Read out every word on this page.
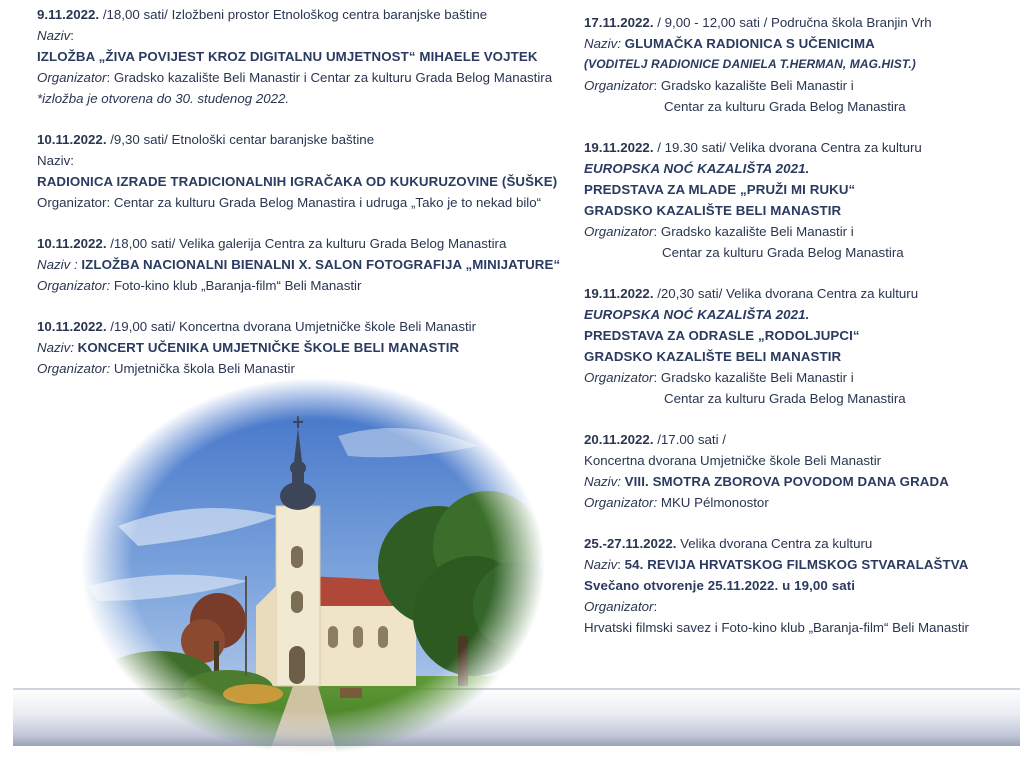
9.11.2022. /18,00 sati/ Izložbeni prostor Etnološkog centra baranjske baštine
Naziv:
IZLOŽBA „ŽIVA POVIJEST KROZ DIGITALNU UMJETNOST“ MIHAELE VOJTEK
Organizator: Gradsko kazalište Beli Manastir i Centar za kulturu Grada Belog Manastira
*izložba je otvorena do 30. studenog 2022.
10.11.2022. /9,30 sati/ Etnološki centar baranjske baštine
Naziv:
RADIONICA IZRADE TRADICIONALNIH IGRAČAKA OD KUKURUZOVINE (ŠUŠKE)
Organizator: Centar za kulturu Grada Belog Manastira i udruga „Tako je to nekad bilo“
10.11.2022. /18,00 sati/ Velika galerija Centra za kulturu Grada Belog Manastira
Naziv : IZLOŽBA NACIONALNI BIENALNI X. SALON FOTOGRAFIJA „MINIJATURE“
Organizator: Foto-kino klub „Baranja-film“ Beli Manastir
10.11.2022. /19,00 sati/ Koncertna dvorana Umjetničke škole Beli Manastir
Naziv: KONCERT UČENIKA UMJETNIČKE ŠKOLE BELI MANASTIR
Organizator: Umjetnička škola Beli Manastir
17.11.2022. / 9,00 - 12,00 sati / Područna škola Branjin Vrh
Naziv: GLUMAČKA RADIONICA S UČENICIMA
(VODITELJ RADIONICE DANIELA T.HERMAN, MAG.HIST.)
Organizator: Gradsko kazalište Beli Manastir i
Centar za kulturu Grada Belog Manastira
19.11.2022. / 19.30 sati/ Velika dvorana Centra za kulturu
EUROPSKA NOĆ KAZALIŠTA 2021.
PREDSTAVA ZA MLADE „PRUŽI MI RUKU“
GRADSKO KAZALIŠTE BELI MANASTIR
Organizator: Gradsko kazalište Beli Manastir i
Centar za kulturu Grada Belog Manastira
19.11.2022. /20,30 sati/ Velika dvorana Centra za kulturu
EUROPSKA NOĆ KAZALIŠTA 2021.
PREDSTAVA ZA ODRASLE „RODOLJUPCI“
GRADSKO KAZALIŠTE BELI MANASTIR
Organizator: Gradsko kazalište Beli Manastir i
Centar za kulturu Grada Belog Manastira
20.11.2022. /17.00 sati /
Koncertna dvorana Umjetničke škole Beli Manastir
Naziv: VIII. SMOTRA ZBOROVA POVODOM DANA GRADA
Organizator: MKU Pélmonostor
25.-27.11.2022. Velika dvorana Centra za kulturu
Naziv: 54. REVIJA HRVATSKOG FILMSKOG STVARALAŠTVA
Svečano otvorenje 25.11.2022. u 19,00 sati
Organizator:
Hrvatski filmski savez i Foto-kino klub „Baranja-film“ Beli Manastir
